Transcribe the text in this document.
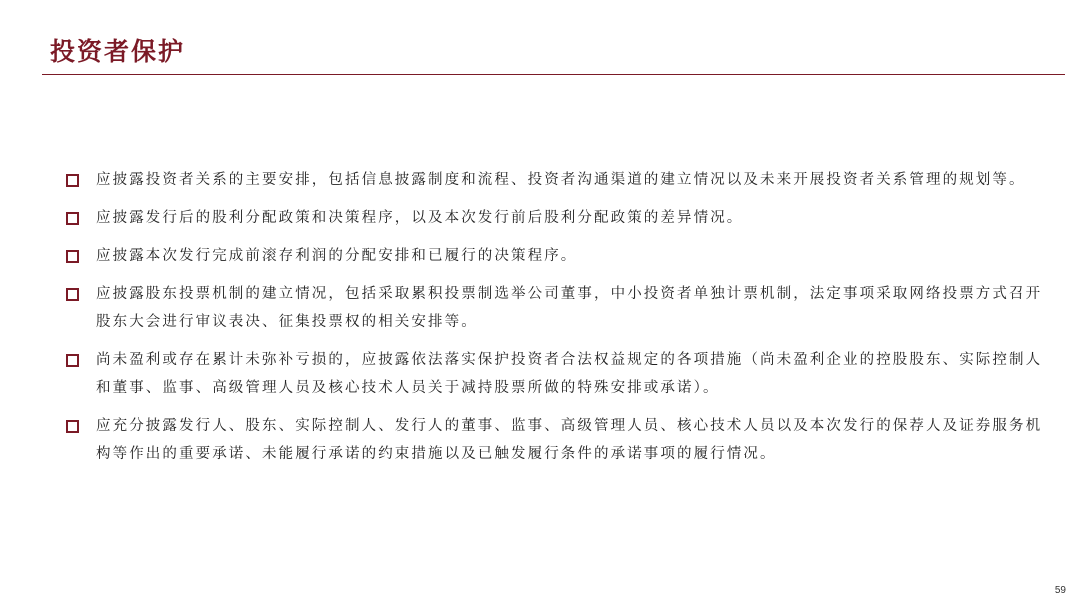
投资者保护
应披露投资者关系的主要安排，包括信息披露制度和流程、投资者沟通渠道的建立情况以及未来开展投资者关系管理的规划等。
应披露发行后的股利分配政策和决策程序，以及本次发行前后股利分配政策的差异情况。
应披露本次发行完成前滚存利润的分配安排和已履行的决策程序。
应披露股东投票机制的建立情况，包括采取累积投票制选举公司董事，中小投资者单独计票机制，法定事项采取网络投票方式召开股东大会进行审议表决、征集投票权的相关安排等。
尚未盈利或存在累计未弥补亏损的，应披露依法落实保护投资者合法权益规定的各项措施（尚未盈利企业的控股股东、实际控制人和董事、监事、高级管理人员及核心技术人员关于减持股票所做的特殊安排或承诺）。
应充分披露发行人、股东、实际控制人、发行人的董事、监事、高级管理人员、核心技术人员以及本次发行的保荐人及证券服务机构等作出的重要承诺、未能履行承诺的约束措施以及已触发履行条件的承诺事项的履行情况。
59
